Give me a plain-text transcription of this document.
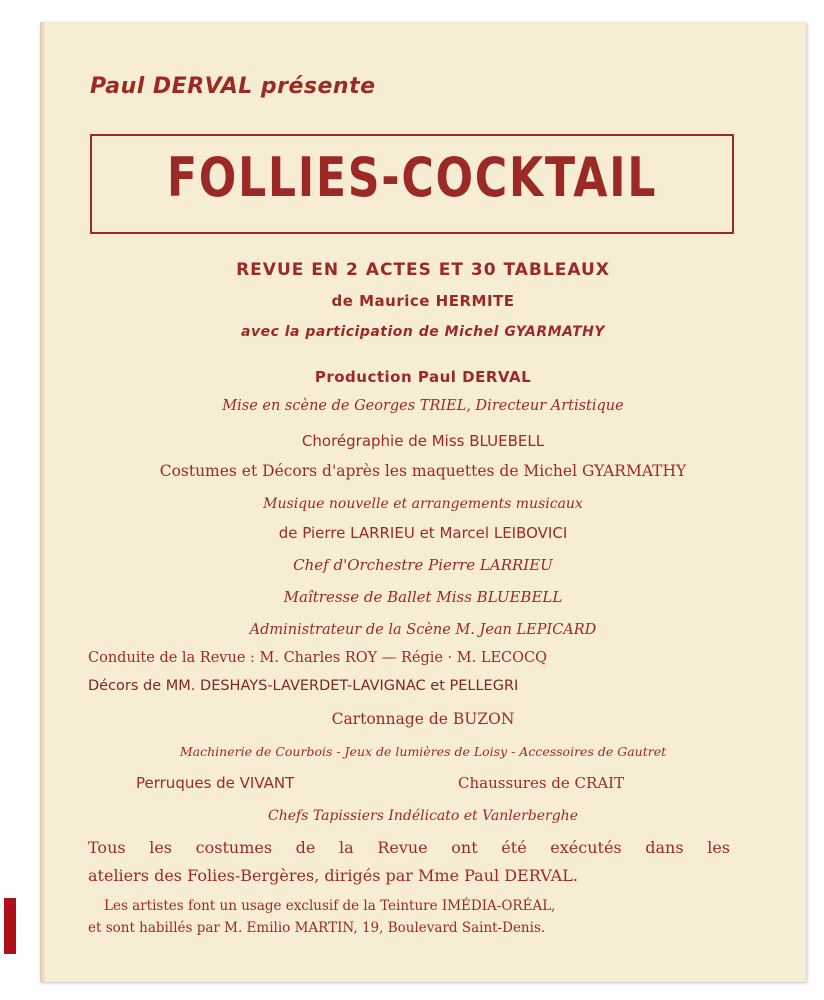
Paul DERVAL présente
FOLLIES-COCKTAIL
REVUE EN 2 ACTES ET 30 TABLEAUX
de Maurice HERMITE
avec la participation de Michel GYARMATHY
Production Paul DERVAL
Mise en scène de Georges TRIEL, Directeur Artistique
Chorégraphie de Miss BLUEBELL
Costumes et Décors d'après les maquettes de Michel GYARMATHY
Musique nouvelle et arrangements musicaux
de Pierre LARRIEU et Marcel LEIBOVICI
Chef d'Orchestre Pierre LARRIEU
Maîtresse de Ballet Miss BLUEBELL
Administrateur de la Scène M. Jean LEPICARD
Conduite de la Revue : M. Charles ROY — Régie · M. LECOCQ
Décors de MM. DESHAYS-LAVERDET-LAVIGNAC et PELLEGRI
Cartonnage de BUZON
Machinerie de Courbois - Jeux de lumières de Loisy - Accessoires de Gautret
Perruques de VIVANT	Chaussures de CRAIT
Chefs Tapissiers Indélicato et Vanlerberghe
Tous les costumes de la Revue ont été exécutés dans les
ateliers des Folies-Bergères, dirigés par Mme Paul DERVAL.
Les artistes font un usage exclusif de la Teinture IMÉDIA-ORÉAL,
et sont habillés par M. Emilio MARTIN, 19, Boulevard Saint-Denis.
